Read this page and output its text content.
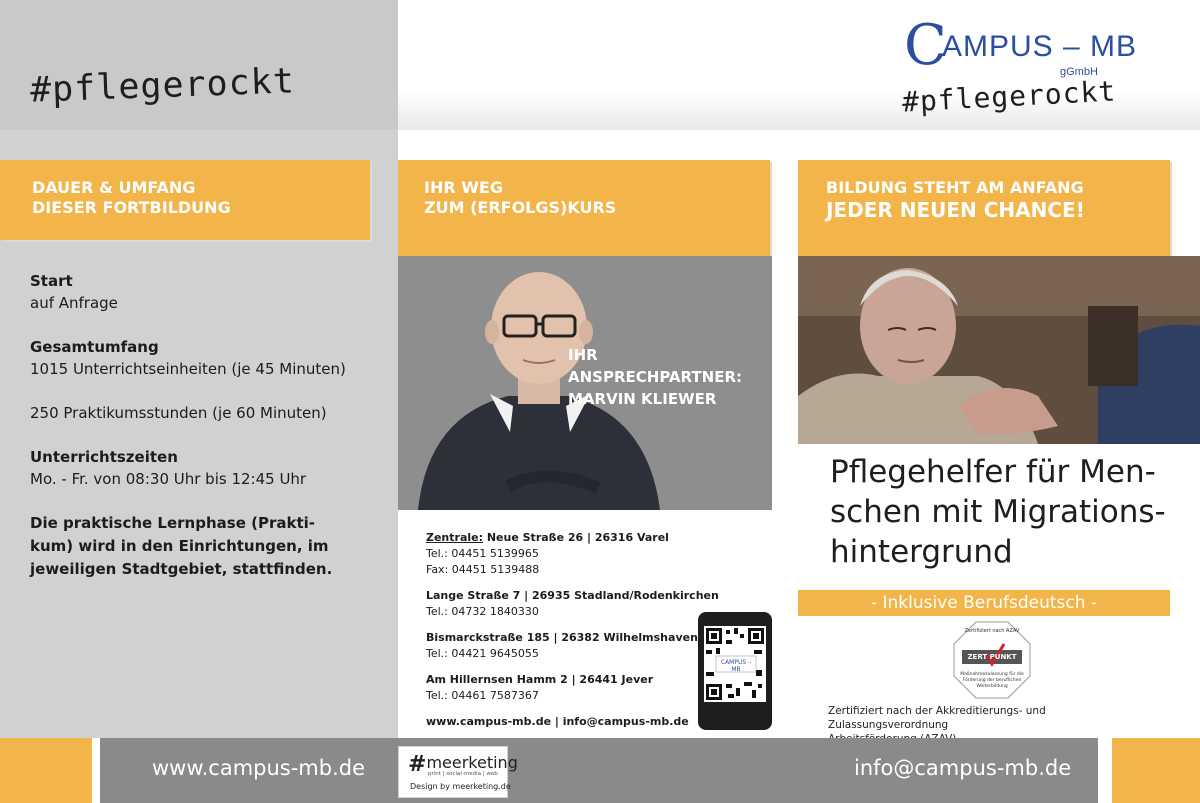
#pflegerockt
C
AMPUS – MB
gGmbH
#pflegerockt
DAUER & UMFANG
DIESER FORTBILDUNG
Start
auf Anfrage
Gesamtumfang
1015 Unterrichtseinheiten (je 45 Minuten)
250 Praktikumsstunden (je 60 Minuten)
Unterrichtszeiten
Mo. - Fr. von 08:30 Uhr bis 12:45 Uhr
Die praktische Lernphase (Prakti-
kum) wird in den Einrichtungen, im
jeweiligen Stadtgebiet, stattfinden.
IHR WEG
ZUM (ERFOLGS)KURS
IHR
ANSPRECHPARTNER:
MARVIN KLIEWER
Zentrale: Neue Straße 26 | 26316 Varel
Tel.: 04451 5139965
Fax: 04451 5139488
Lange Straße 7 | 26935 Stadland/Rodenkirchen
Tel.: 04732 1840330
Bismarckstraße 185 | 26382 Wilhelmshaven
Tel.: 04421 9645055
Am Hillernsen Hamm 2 | 26441 Jever
Tel.: 04461 7587367
www.campus-mb.de | info@campus-mb.de
CAMPUS – MB
BILDUNG STEHT AM ANFANG
JEDER NEUEN CHANCE!
Pflegehelfer für Men-
schen mit Migrations-
hintergrund
- Inklusive Berufsdeutsch -
Zertifiziert nach AZAV
ZERT PUNKT
Maßnahmezulassung für die
Förderung der beruflichen
Weiterbildung
Zertifiziert nach der Akkreditierungs- und Zulassungsverordnung
www.campus-mb.de	info@campus-mb.de
#meerketing
print | social-media | web
Design by meerketing.de
